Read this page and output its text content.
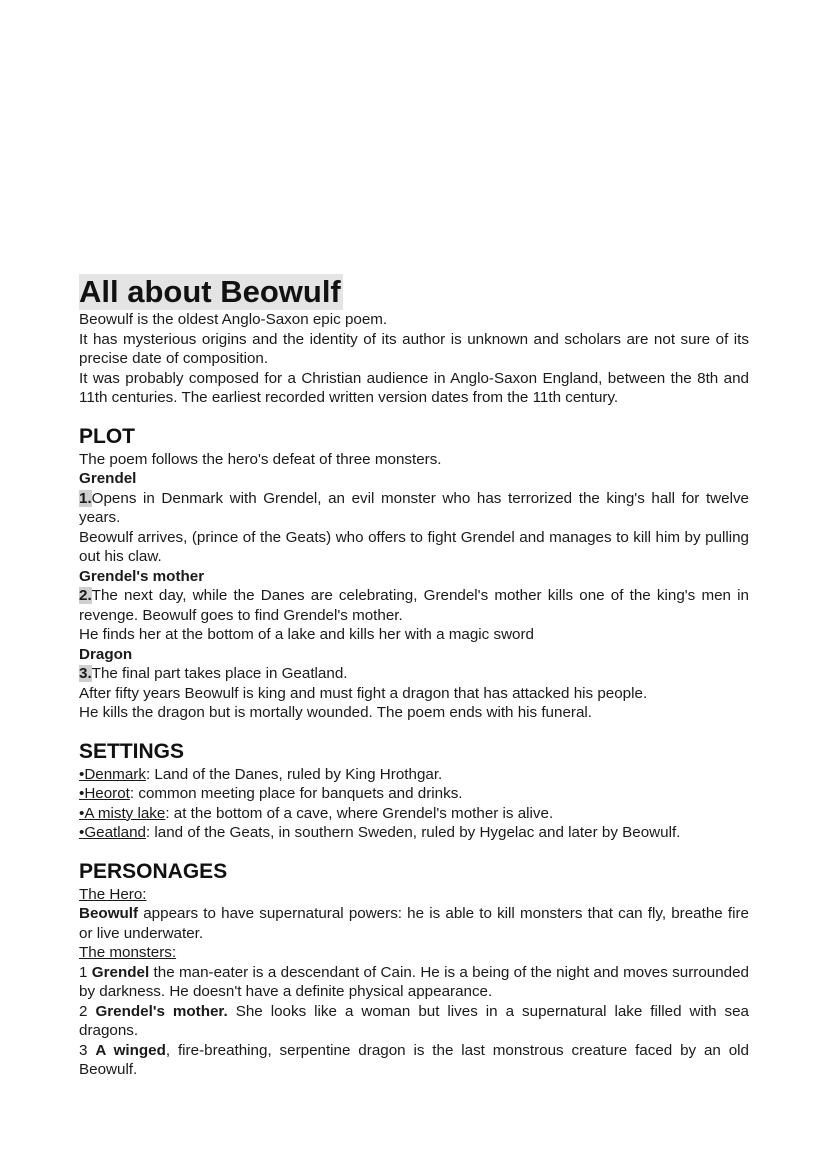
All about Beowulf

Beowulf is the oldest Anglo-Saxon epic poem.

It has mysterious origins and the identity of its author is unknown and scholars are not sure of its precise date of composition.

It was probably composed for a Christian audience in Anglo-Saxon England, between the 8th and 11th centuries. The earliest recorded written version dates from the 11th century.

PLOT

The poem follows the hero's defeat of three monsters.

Grendel

1.Opens in Denmark with Grendel, an evil monster who has terrorized the king's hall for twelve years.

Beowulf arrives, (prince of the Geats) who offers to fight Grendel and manages to kill him by pulling out his claw.

Grendel's mother

2.The next day, while the Danes are celebrating, Grendel's mother kills one of the king's men in revenge. Beowulf goes to find Grendel's mother.

He finds her at the bottom of a lake and kills her with a magic sword

Dragon

3.The final part takes place in Geatland.

After fifty years Beowulf is king and must fight a dragon that has attacked his people.

He kills the dragon but is mortally wounded. The poem ends with his funeral.

SETTINGS

•Denmark: Land of the Danes, ruled by King Hrothgar.

•Heorot: common meeting place for banquets and drinks.

•A misty lake: at the bottom of a cave, where Grendel's mother is alive.

•Geatland: land of the Geats, in southern Sweden, ruled by Hygelac and later by Beowulf.

PERSONAGES

The Hero:

Beowulf appears to have supernatural powers: he is able to kill monsters that can fly, breathe fire or live underwater.

The monsters:

1 Grendel the man-eater is a descendant of Cain. He is a being of the night and moves surrounded by darkness. He doesn't have a definite physical appearance.

2 Grendel's mother. She looks like a woman but lives in a supernatural lake filled with sea dragons.

3 A winged, fire-breathing, serpentine dragon is the last monstrous creature faced by an old Beowulf.
